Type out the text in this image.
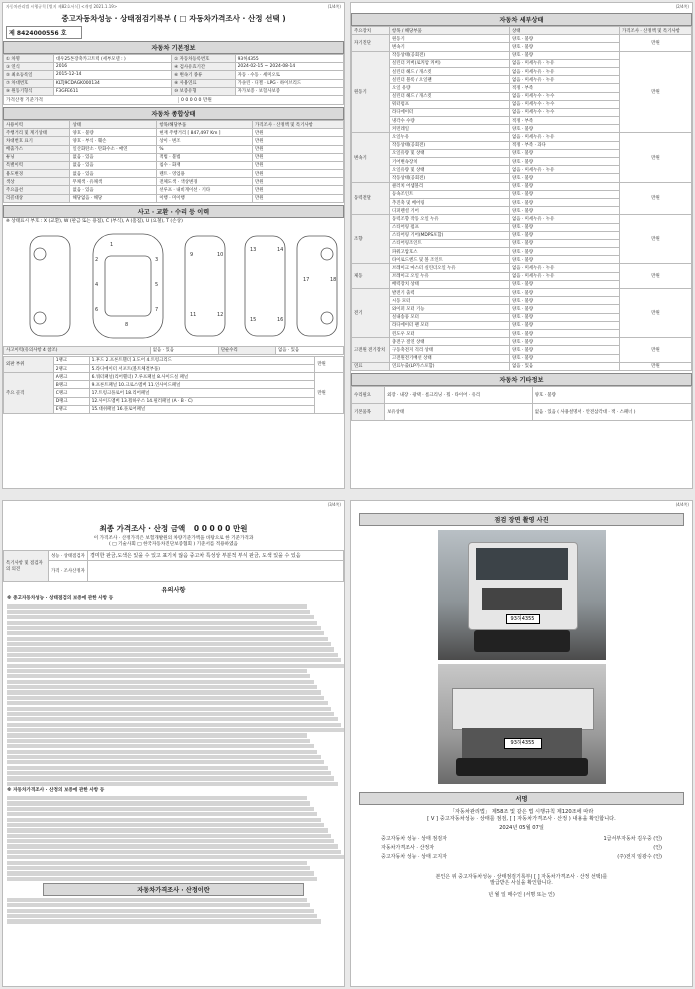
자동차관리법 시행규칙 [별지 제82호서식] <개정 2021.1.19>	(1/4쪽)
중고자동차성능 · 상태점검기록부 ( □ 자동차가격조사 · 산정 선택 )
제 8424000556 호
자동차 기본정보
① 차명	대우25톤장축카고트럭 (세부모델 : )	② 자동차등록번호	93허4355
③ 연식	2016	④ 검사유효기간	2024-02-15 ~ 2024-08-14
⑤ 최초등록일	2015-12-14	⑥ 변속기 종류	자동 · 수동 · 세미오토
⑦ 차대번호	KLTJ9CDAGK000134	⑧ 사용연료	가솔린 · 디젤 · LPG · 하이브리드
⑨ 원동기형식	F3GFE611	⑩ 보증유형	자가보증 · 보험사보증
가격산정 기준가격	0 0 0 0 0 만원
자동차 종합상태
사용이력	상태	항목/해당부품	가격조사 · 산정액 및 특기사항
주행거리 및 계기상태	양호 · 불량	현재 주행거리 [ 847,497 Km ]	만원
차대번호 표기	양호 · 부식 · 훼손	상이 · 변조	만원
배출가스	일산화탄소 · 탄화수소 · 매연	%	만원
튜닝	없음 · 있음	적법 · 불법	만원
특별이력	없음 · 있음	침수 · 화재	만원
용도변경	없음 · 있음	렌트 · 영업용	만원
색상	무채색 · 유채색	전체도색 · 색상변경	만원
주요옵션	없음 · 있음	선루프 · 내비게이션 · 기타	만원
리콜대상	해당없음 · 해당	이행 · 미이행	만원
사고 · 교환 · 수리 등 이력
※ 상태표시 부호 : X (교환), W (판금 또는 용접), C (부식), A (흠집), U (요철), T (손상)
1
2	3
4	5
6	7
8
9	10
11	12
13	14
15	16
17	18
사고이력(유의사항 4 참조)	없음 · 있음	단순수리	없음 · 있음
외판 부위	1랭크	1.후드 2.프론트휀더 3.도어 4.트렁크리드	만원
	2랭크	5.라디에이터 서포트(볼트체결부품)	
주요 골격	A랭크	6.쿼터패널(리어휀더) 7.루프패널 8.사이드실 패널	만원
	B랭크	9.프론트패널 10.크로스멤버 11.인사이드패널	
	C랭크	17.트렁크플로어 18.리어패널	
	D랭크	12.사이드멤버 13.휠하우스 14.필러패널 (A · B · C)	
	E랭크	15.대쉬패널 16.플로어패널	
(2/4쪽)
자동차 세부상태
주요장치	항목 / 해당부품	상태	가격조사 · 산정액 및 특기사항
자기진단	원동기	양호 · 불량	만원
	변속기	양호 · 불량	
원동기	작동상태(공회전)	양호 · 불량	만원
	실린더 커버(로커암 커버)	없음 · 미세누유 · 누유	
	실린더 헤드 / 개스킷	없음 · 미세누유 · 누유	
	실린더 블록 / 오일팬	없음 · 미세누유 · 누유	
	오일 유량	적정 · 부족	
	실린더 헤드 / 개스킷	없음 · 미세누수 · 누수	
	워터펌프	없음 · 미세누수 · 누수	
	라디에이터	없음 · 미세누수 · 누수	
	냉각수 수량	적정 · 부족	
	커먼레일	양호 · 불량	
변속기	오일누유	없음 · 미세누유 · 누유	만원
	작동상태(공회전)	적정 · 부족 · 과다	
	오일유량 및 상태	양호 · 불량	
	기어변속장치	양호 · 불량	
	오일유량 및 상태	없음 · 미세누유 · 누유	
	작동상태(공회전)	양호 · 불량	
동력전달	클러치 어셈블리	양호 · 불량	만원
	등속조인트	양호 · 불량	
	추진축 및 베어링	양호 · 불량	
	디퍼렌셜 기어	양호 · 불량	
조향	동력조향 작동 오일 누유	없음 · 미세누유 · 누유	만원
	스티어링 펌프	양호 · 불량	
	스티어링 기어(MDPS포함)	양호 · 불량	
	스티어링조인트	양호 · 불량	
	파워고압호스	양호 · 불량	
	타이로드엔드 및 볼 조인트	양호 · 불량	
제동	브레이크 마스터 실린더오일 누유	없음 · 미세누유 · 누유	만원
	브레이크 오일 누유	없음 · 미세누유 · 누유	
	배력장치 상태	양호 · 불량	
전기	발전기 출력	양호 · 불량	만원
	시동 모터	양호 · 불량	
	와이퍼 모터 기능	양호 · 불량	
	실내송풍 모터	양호 · 불량	
	라디에이터 팬 모터	양호 · 불량	
	윈도우 모터	양호 · 불량	
고전원 전기장치	충전구 절연 상태	양호 · 불량	만원
	구동축전지 격리 상태	양호 · 불량	
	고전원전기배선 상태	양호 · 불량	
연료	연료누출(LP가스포함)	없음 · 있음	만원
자동차 기타정보
수리필요	외장 · 내장 · 광택 · 룸크리닝 · 휠 · 타이어 · 유리	양호 · 불량
기본품목	보유상태	없음 · 있음 ( 사용설명서 · 안전삼각대 · 잭 · 스패너 )
(3/4쪽)
최종 가격조사 · 산정 금액 0 0 0 0 0 만원
이 가격조사 · 산정가격은 보험개발원의 차량기준가액을 바탕으로 한 기준가격과
( □ 기술사회 □ 한국자동차진단보증협회 ) 기준서를 적용하였음
특기사항 및 점검자의 의견	성능 · 상태점검자	경미한 판금,도색은 있을 수 있고 표기치 않음 중고차 특성상 부분적 부식 판금, 도색 있을 수 있음
	가격 · 조사산정자	
유의사항
※ 중고자동차성능 · 상태점검의 보증에 관한 사항 등
※ 자동차가격조사 · 산정의 보증에 관한 사항 등
자동차가격조사 · 산정이란
(4/4쪽)
점검 장면 촬영 사진
93허4355
93허4355
서명
「자동차관리법」 제58조 및 같은 법 시행규칙 제120조에 따라
[ V ] 중고자동차성능 · 상태를 점검, [ ] 자동차가격조사 · 산정 ) 내용을 확인합니다.
2024년 05월 07일
중고자동차 성능 · 상태 점검자	1급서부자동차 김우중 (인)
자동차가격조사 · 산정자	(인)
중고자동차 성능 · 상태 고지자	(주)전지 임광수 (인)
본인은 위 중고자동차성능 · 상태점검기록부( [ ] 자동차가격조사 · 산정 선택)를
발급받은 사실을 확인합니다.
년 월 일 매수인 (서명 또는 인)
